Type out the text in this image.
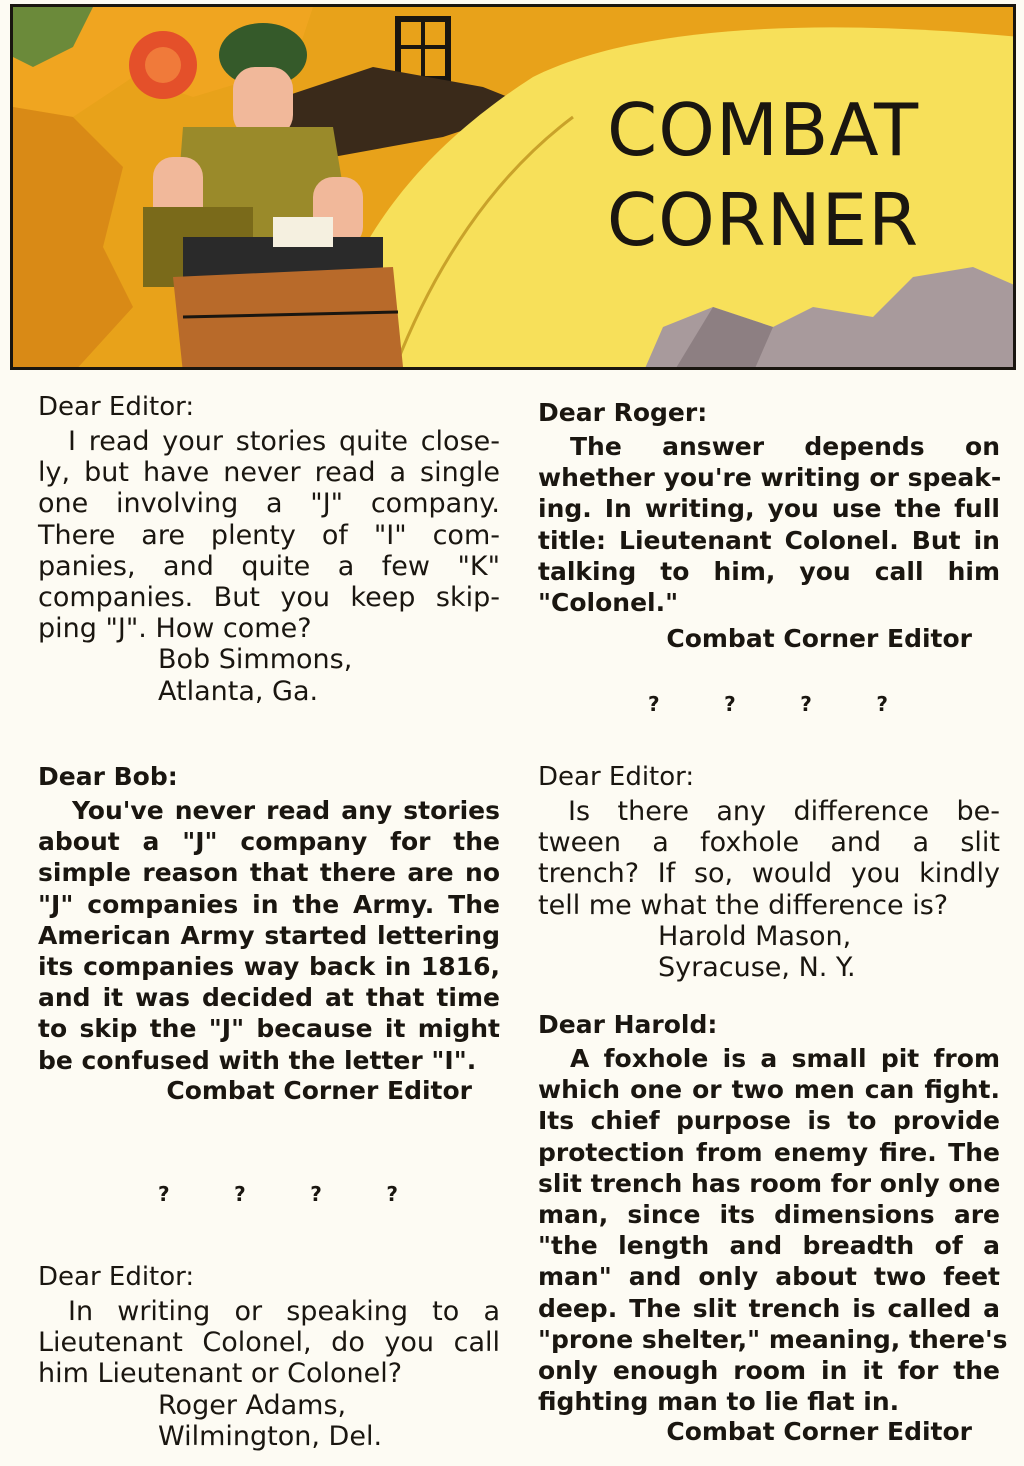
COMBAT
CORNER
Dear Editor:
I read your stories quite close-
ly, but have never read a single
one involving a "J" company.
There are plenty of "I" com-
panies, and quite a few "K"
companies. But you keep skip-
ping "J". How come?
Bob Simmons,
Atlanta, Ga.
Dear Bob:
You've never read any stories
about a "J" company for the
simple reason that there are no
"J" companies in the Army. The
American Army started lettering
its companies way back in 1816,
and it was decided at that time
to skip the "J" because it might
be confused with the letter "I".
Combat Corner Editor
?	?	?	?
Dear Editor:
In writing or speaking to a
Lieutenant Colonel, do you call
him Lieutenant or Colonel?
Roger Adams,
Wilmington, Del.
Dear Roger:
The answer depends on
whether you're writing or speak-
ing. In writing, you use the full
title: Lieutenant Colonel. But in
talking to him, you call him
"Colonel."
Combat Corner Editor
?	?	?	?
Dear Editor:
Is there any difference be-
tween a foxhole and a slit
trench? If so, would you kindly
tell me what the difference is?
Harold Mason,
Syracuse, N. Y.
Dear Harold:
A foxhole is a small pit from
which one or two men can fight.
Its chief purpose is to provide
protection from enemy fire. The
slit trench has room for only one
man, since its dimensions are
"the length and breadth of a
man" and only about two feet
deep. The slit trench is called a
"prone shelter," meaning, there's
only enough room in it for the
fighting man to lie flat in.
Combat Corner Editor
